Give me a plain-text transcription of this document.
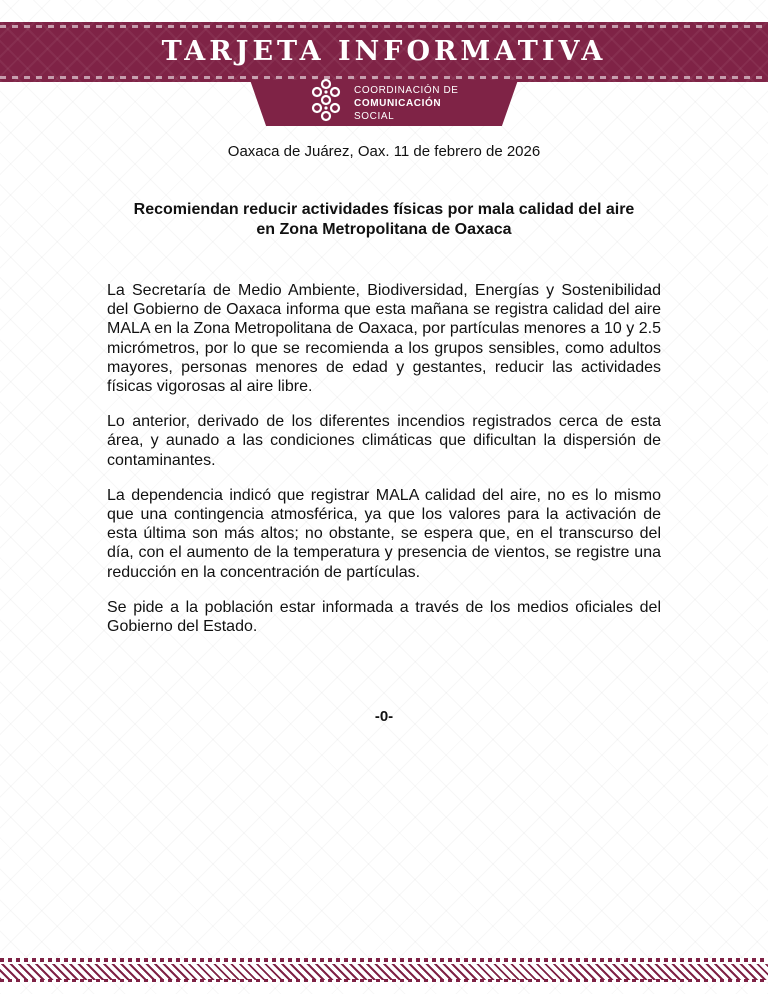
TARJETA INFORMATIVA
COORDINACIÓN DE
COMUNICACIÓN
SOCIAL

Oaxaca de Juárez, Oax. 11 de febrero de 2026

Recomiendan reducir actividades físicas por mala calidad del aire
en Zona Metropolitana de Oaxaca

La Secretaría de Medio Ambiente, Biodiversidad, Energías y Sostenibilidad del Gobierno de Oaxaca informa que esta mañana se registra calidad del aire MALA en la Zona Metropolitana de Oaxaca, por partículas menores a 10 y 2.5 micrómetros, por lo que se recomienda a los grupos sensibles, como adultos mayores, personas menores de edad y gestantes, reducir las actividades físicas vigorosas al aire libre.

Lo anterior, derivado de los diferentes incendios registrados cerca de esta área, y aunado a las condiciones climáticas que dificultan la dispersión de contaminantes.

La dependencia indicó que registrar MALA calidad del aire, no es lo mismo que una contingencia atmosférica, ya que los valores para la activación de esta última son más altos; no obstante, se espera que, en el transcurso del día, con el aumento de la temperatura y presencia de vientos, se registre una reducción en la concentración de partículas.

Se pide a la población estar informada a través de los medios oficiales del Gobierno del Estado.

-0-
